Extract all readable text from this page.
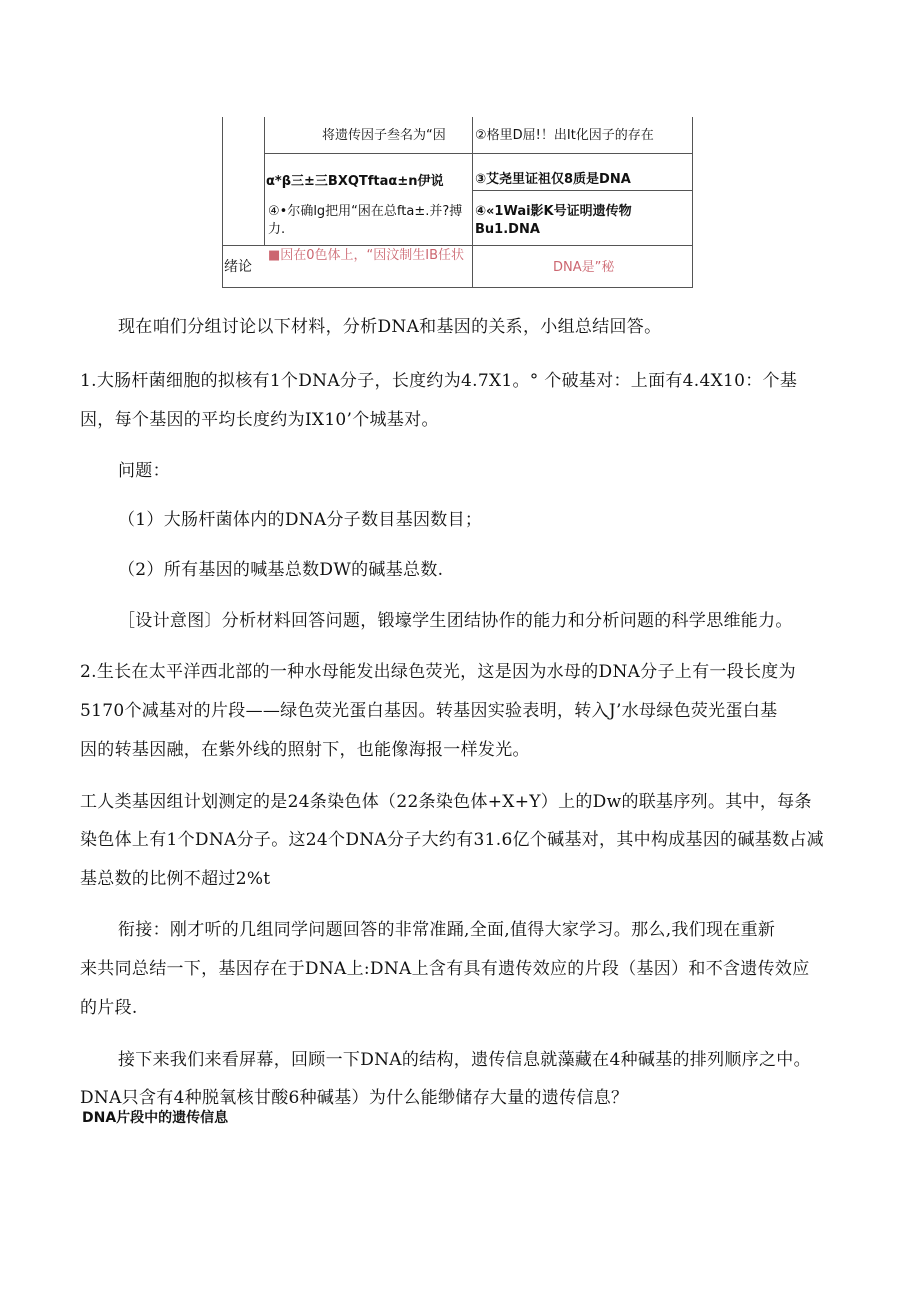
将遗传因子叁名为“因 ②格里D屈!！出It化因子的存在
α*β三±三BXQTftaα±n伊说 ③艾尧里证祖仅8质是DNA
④•尔确lg把用“困在总ftа±.并?搏
力.
④«1Wai影K号证明遗传物
Bu1.DNA
绪论
■因在0色体上，“因汶制生IB任状
DNA是”秘
现在咱们分组讨论以下材料，分析DNA和基因的关系，小组总结回答。
1.大肠杆菌细胞的拟核有1个DNA分子，长度约为4.7X1。° 个破基对：上面有4.4X10：个基
因，每个基因的平均长度约为IX10’个城基对。
问题：
（1）大肠杆菌体内的DNA分子数目基因数目；
（2）所有基因的喊基总数DW的碱基总数.
［设计意图〕分析材料回答问题，锻壕学生团结协作的能力和分析问题的科学思维能力。
2.生长在太平洋西北部的一种水母能发出绿色荧光，这是因为水母的DNA分子上有一段长度为
5170个减基对的片段——绿色荧光蛋白基因。转基因实验表明，转入J’水母绿色荧光蛋白基
因的转基因融，在紫外线的照射下，也能像海报一样发光。
工人类基因组计划测定的是24条染色体（22条染色体+X+Y）上的Dw的联基序列。其中，每条
染色体上有1个DNA分子。这24个DNA分子大约有31.6亿个碱基对，其中构成基因的碱基数占减
基总数的比例不超过2%t
衔接：刚才听的几组同学问题回答的非常准踊,全面,值得大家学习。那么,我们现在重新
来共同总结一下，基因存在于DNA上:DNA上含有具有遗传效应的片段（基因）和不含遗传效应
的片段.
接下来我们来看屏幕，回顾一下DNA的结构，遗传信息就藻藏在4种碱基的排列顺序之中。
DNA只含有4种脱氧核甘酸6种碱基）为什么能缈储存大量的遗传信息？
DNA片段中的遗传信息
